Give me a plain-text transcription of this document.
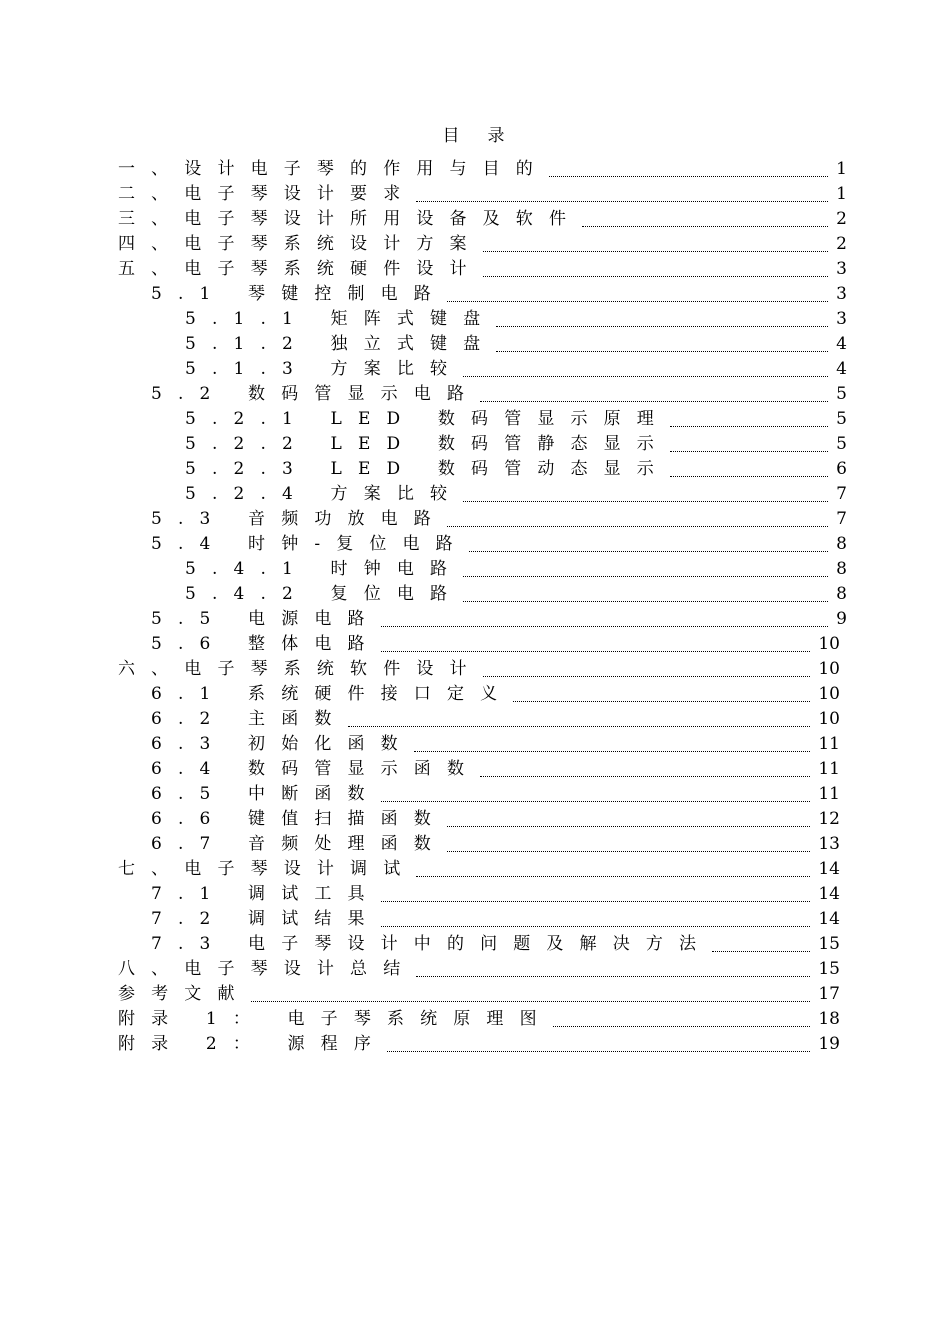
目录
一、设计电子琴的作用与目的	1
二、电子琴设计要求	1
三、电子琴设计所用设备及软件	2
四、电子琴系统设计方案	2
五、电子琴系统硬件设计	3
5.1 琴键控制电路	3
5.1.1 矩阵式键盘	3
5.1.2 独立式键盘	4
5.1.3 方案比较	4
5.2 数码管显示电路	5
5.2.1 LED 数码管显示原理	5
5.2.2 LED 数码管静态显示	5
5.2.3 LED 数码管动态显示	6
5.2.4 方案比较	7
5.3 音频功放电路	7
5.4 时钟-复位电路	8
5.4.1 时钟电路	8
5.4.2 复位电路	8
5.5 电源电路	9
5.6 整体电路	10
六、电子琴系统软件设计	10
6.1 系统硬件接口定义	10
6.2 主函数	10
6.3 初始化函数	11
6.4 数码管显示函数	11
6.5 中断函数	11
6.6 键值扫描函数	12
6.7 音频处理函数	13
七、电子琴设计调试	14
7.1 调试工具	14
7.2 调试结果	14
7.3 电子琴设计中的问题及解决方法	15
八、电子琴设计总结	15
参考文献	17
附录 1： 电子琴系统原理图	18
附录 2： 源程序	19
